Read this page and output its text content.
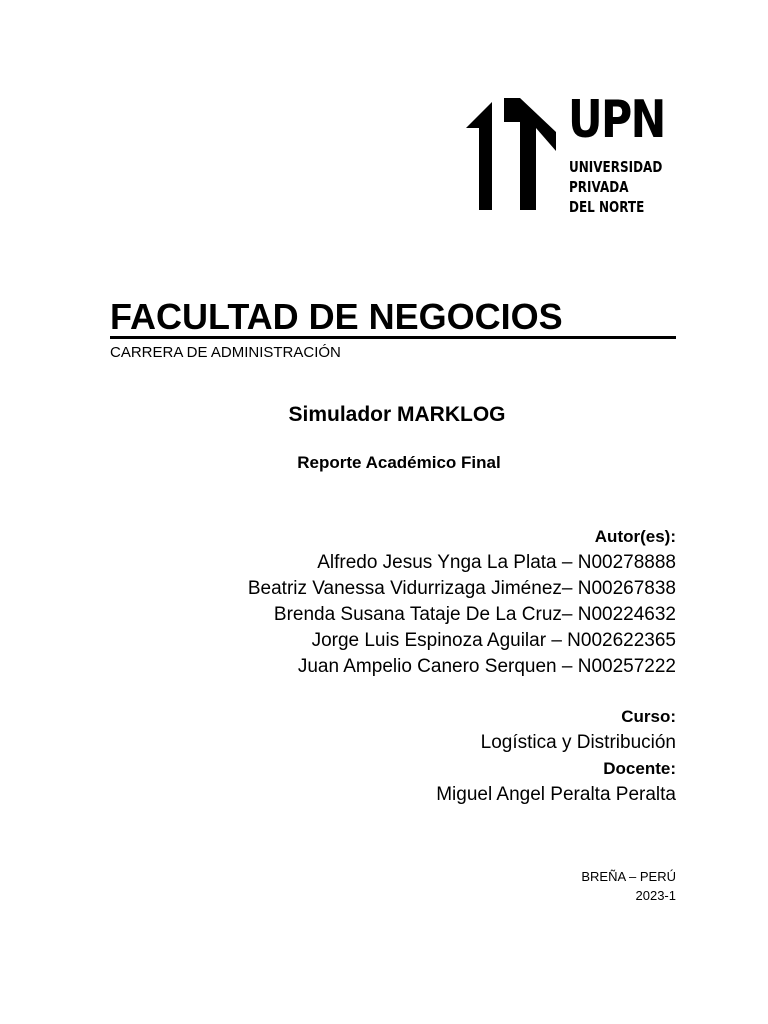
UPN
UNIVERSIDAD
PRIVADA
DEL NORTE
FACULTAD DE NEGOCIOS
CARRERA DE ADMINISTRACIÓN
Simulador MARKLOG
Reporte Académico Final
Autor(es):
Alfredo Jesus Ynga La Plata – N00278888
Beatriz Vanessa Vidurrizaga Jiménez– N00267838
Brenda Susana Tataje De La Cruz– N00224632
Jorge Luis Espinoza Aguilar – N002622365
Juan Ampelio Canero Serquen – N00257222
Curso:
Logística y Distribución
Docente:
Miguel Angel Peralta Peralta
BREÑA – PERÚ
2023-1
